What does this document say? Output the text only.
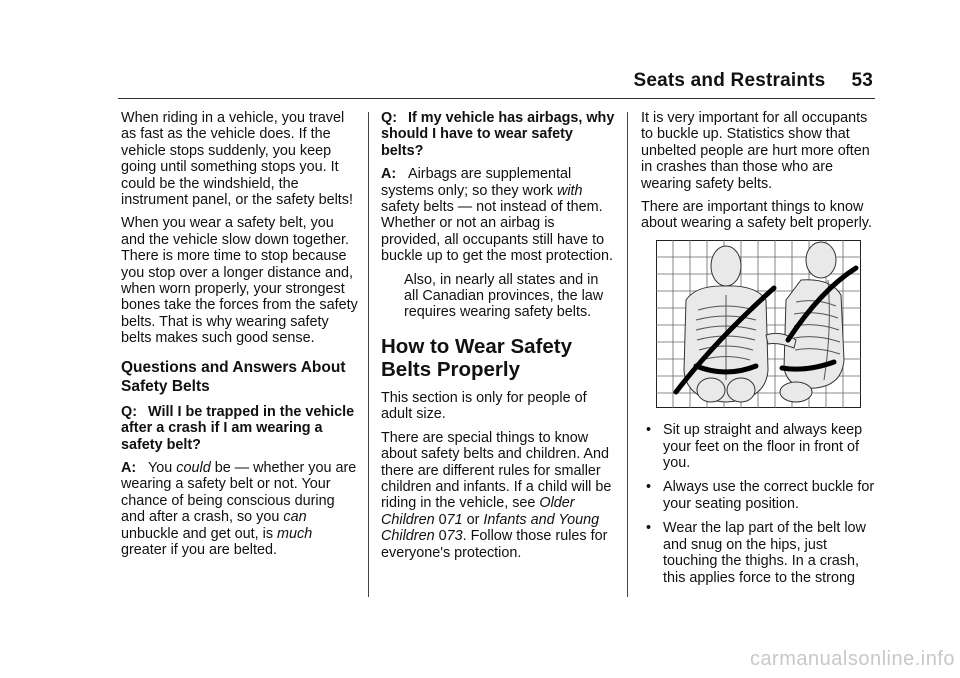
Seats and Restraints 53

When riding in a vehicle, you travel as fast as the vehicle does. If the vehicle stops suddenly, you keep going until something stops you. It could be the windshield, the instrument panel, or the safety belts!

When you wear a safety belt, you and the vehicle slow down together. There is more time to stop because you stop over a longer distance and, when worn properly, your strongest bones take the forces from the safety belts. That is why wearing safety belts makes such good sense.

Questions and Answers About Safety Belts
Q: Will I be trapped in the vehicle after a crash if I am wearing a safety belt?
A: You could be — whether you are wearing a safety belt or not. Your chance of being conscious during and after a crash, so you can unbuckle and get out, is much greater if you are belted.
Q: If my vehicle has airbags, why should I have to wear safety belts?
A: Airbags are supplemental systems only; so they work with safety belts — not instead of them. Whether or not an airbag is provided, all occupants still have to buckle up to get the most protection.

Also, in nearly all states and in all Canadian provinces, the law requires wearing safety belts.

How to Wear Safety Belts Properly

This section is only for people of adult size.

There are special things to know about safety belts and children. And there are different rules for smaller children and infants. If a child will be riding in the vehicle, see Older Children 071 or Infants and Young Children 073. Follow those rules for everyone's protection.

It is very important for all occupants to buckle up. Statistics show that unbelted people are hurt more often in crashes than those who are wearing safety belts.

There are important things to know about wearing a safety belt properly.

• Sit up straight and always keep your feet on the floor in front of you.
• Always use the correct buckle for your seating position.
• Wear the lap part of the belt low and snug on the hips, just touching the thighs. In a crash, this applies force to the strong
carmanualsonline.info
